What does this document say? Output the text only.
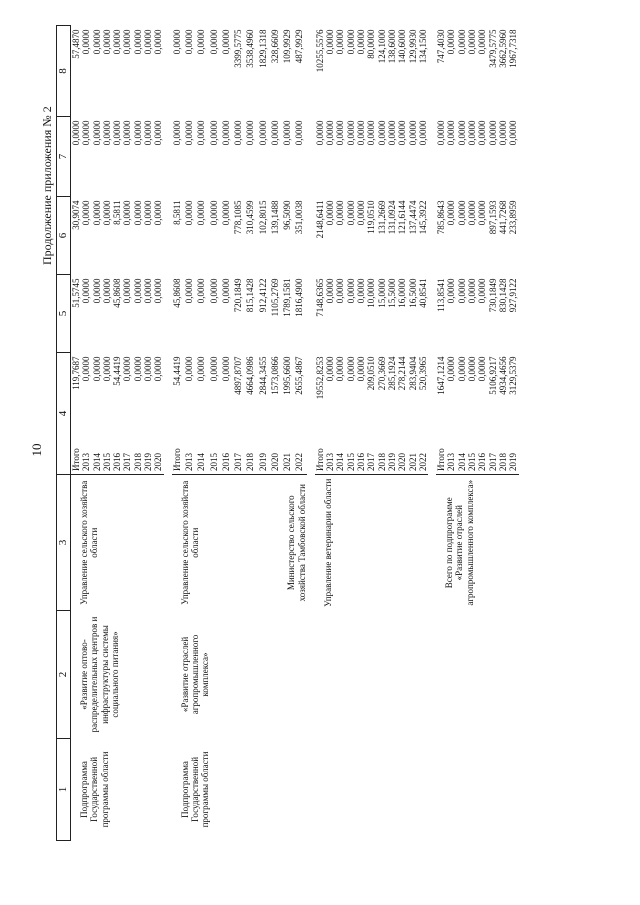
10
Продолжение приложения № 2
1	2	3	4		5	6	7	8
Подпрограмма Государственной программы области	«Развитие оптово-распределительных центров и инфраструктуры системы социального питания»	Управление сельского хозяйства области	Итого	119,7687	51,5745	30,9074	0,0000	57,4870
			2013	0,0000	0,0000	0,0000	0,0000	0,0000
			2014	0,0000	0,0000	0,0000	0,0000	0,0000
			2015	0,0000	0,0000	0,0000	0,0000	0,0000
			2016	54,4419	45,8608	8,5811	0,0000	0,0000
			2017	0,0000	0,0000	0,0000	0,0000	0,0000
			2018	0,0000	0,0000	0,0000	0,0000	0,0000
			2019	0,0000	0,0000	0,0000	0,0000	0,0000
			2020	0,0000	0,0000	0,0000	0,0000	0,0000

Подпрограмма Государственной программы области	«Развитие отраслей агропромышленного комплекса»	Управление сельского хозяйства области Министерство сельского хозяйства Тамбовской области	Итого	54,4419	45,8608	8,5811	0,0000	0,0000
			2013	0,0000	0,0000	0,0000	0,0000	0,0000
			2014	0,0000	0,0000	0,0000	0,0000	0,0000
			2015	0,0000	0,0000	0,0000	0,0000	0,0000
			2016	0,0000	0,0000	0,0000	0,0000	0,0000
			2017	4897,8707	720,1849	778,1085	0,0000	3399,5775
			2018	4664,0986	815,1428	310,4599	0,0000	3538,4960
			2019	2844,3455	912,4122	102,8015	0,0000	1829,1318
			2020	1573,0866	1105,2769	139,1488	0,0000	328,6609
			2021	1995,6600	1789,1581	96,5090	0,0000	109,9929
			2022	2655,4867	1816,4900	351,0038	0,0000	487,9929

		Управление ветеринарии области	Итого	19552,8253	7148,6365	2148,6411	0,0000	10255,5576
			2013	0,0000	0,0000	0,0000	0,0000	0,0000
			2014	0,0000	0,0000	0,0000	0,0000	0,0000
			2015	0,0000	0,0000	0,0000	0,0000	0,0000
			2016	0,0000	0,0000	0,0000	0,0000	0,0000
			2017	209,0510	10,0000	119,0510	0,0000	80,0000
			2018	270,3669	15,0000	131,2669	0,0000	124,1000
			2019	285,1924	15,5000	131,0924	0,0000	138,6000
			2020	278,2144	16,0000	121,6144	0,0000	140,6000
			2021	283,9404	16,5000	137,4474	0,0000	129,9930
			2022	520,3965	40,8541	145,3922	0,0000	134,1500

		Всего по подпрограмме «Развитие отраслей агропромышленного комплекса»	Итого	1647,1214	113,8541	785,8643	0,0000	747,4030
			2013	0,0000	0,0000	0,0000	0,0000	0,0000
			2014	0,0000	0,0000	0,0000	0,0000	0,0000
			2015	0,0000	0,0000	0,0000	0,0000	0,0000
			2016	0,0000	0,0000	0,0000	0,0000	0,0000
			2017	5106,9217	730,1849	897,1593	0,0000	3479,5775
			2018	4934,4656	830,1428	441,7268	0,0000	3662,5960
			2019	3129,5379	927,9122	233,8959	0,0000	1967,7318
